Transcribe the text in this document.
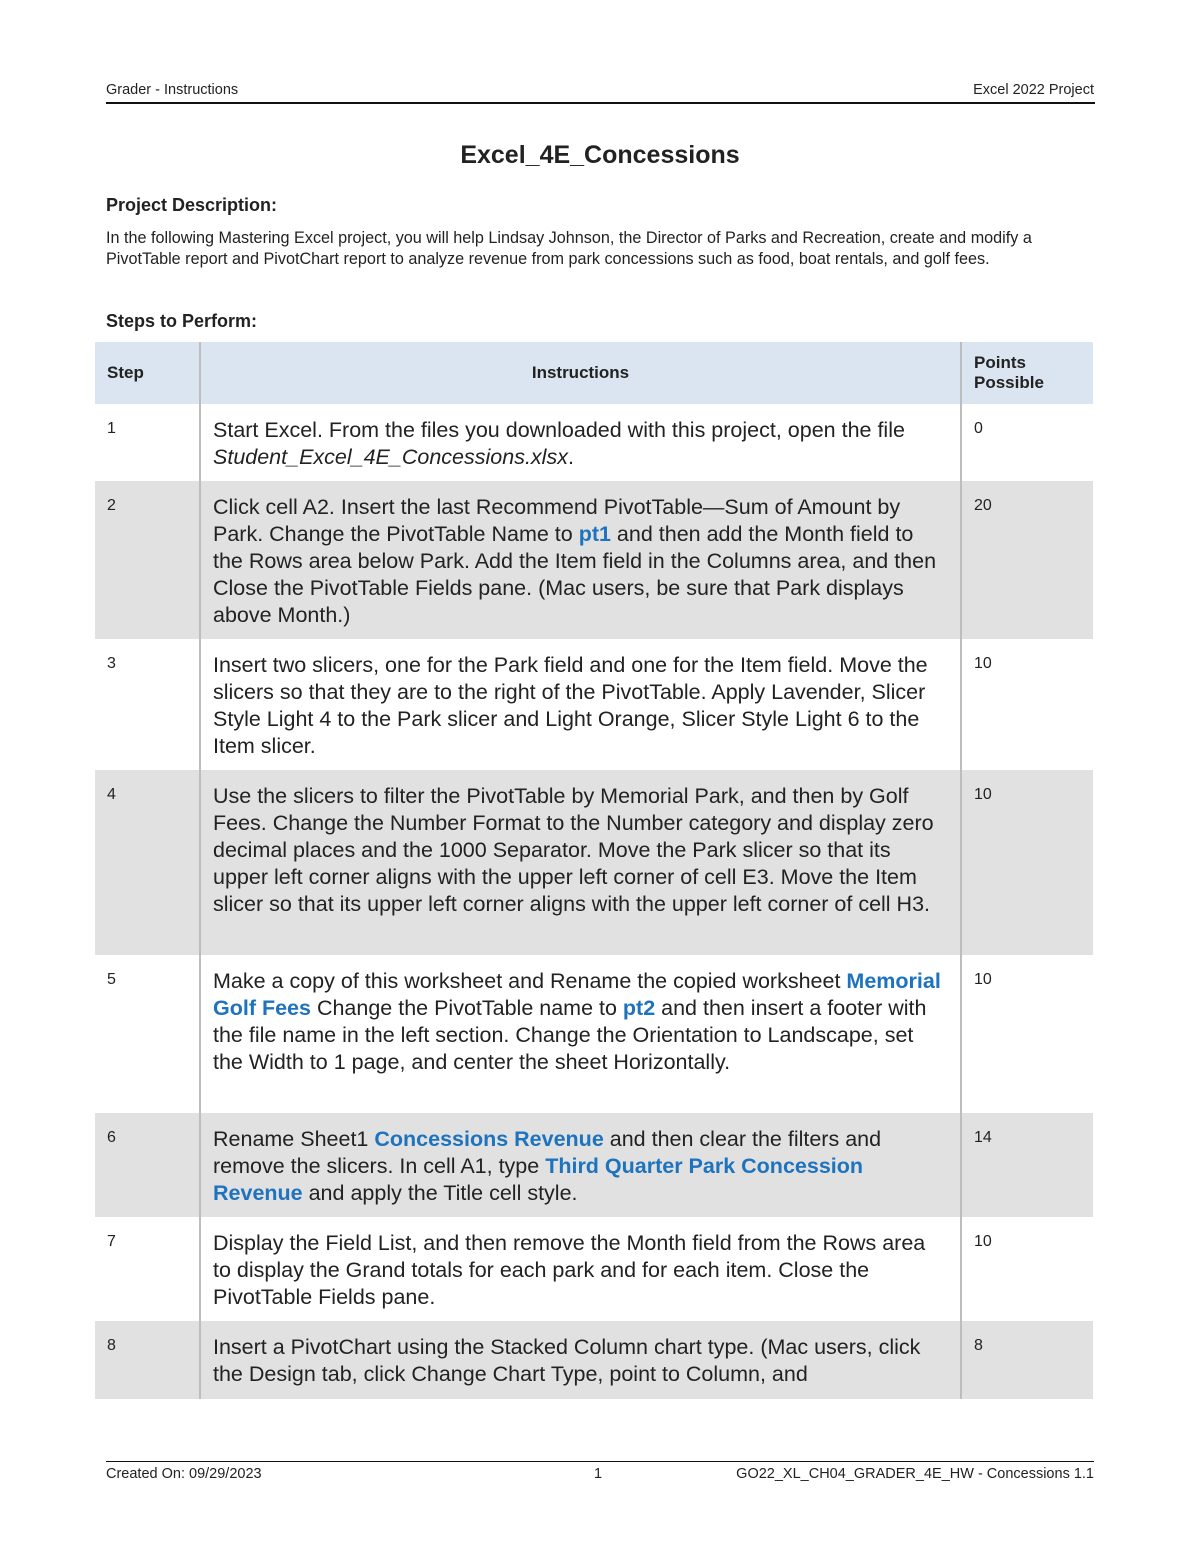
Grader - Instructions	Excel 2022 Project
Excel_4E_Concessions
Project Description:
In the following Mastering Excel project, you will help Lindsay Johnson, the Director of Parks and Recreation, create and modify a PivotTable report and PivotChart report to analyze revenue from park concessions such as food, boat rentals, and golf fees.
Steps to Perform:
Step	Instructions	Points
Possible
1	Start Excel. From the files you downloaded with this project, open the file Student_Excel_4E_Concessions.xlsx.	0
2	Click cell A2. Insert the last Recommend PivotTable—Sum of Amount by Park. Change the PivotTable Name to pt1 and then add the Month field to the Rows area below Park. Add the Item field in the Columns area, and then Close the PivotTable Fields pane. (Mac users, be sure that Park displays above Month.)	20
3	Insert two slicers, one for the Park field and one for the Item field. Move the slicers so that they are to the right of the PivotTable. Apply Lavender, Slicer Style Light 4 to the Park slicer and Light Orange, Slicer Style Light 6 to the Item slicer.	10
4	Use the slicers to filter the PivotTable by Memorial Park, and then by Golf Fees. Change the Number Format to the Number category and display zero decimal places and the 1000 Separator. Move the Park slicer so that its upper left corner aligns with the upper left corner of cell E3. Move the Item slicer so that its upper left corner aligns with the upper left corner of cell H3.	10
5	Make a copy of this worksheet and Rename the copied worksheet Memorial Golf Fees Change the PivotTable name to pt2 and then insert a footer with the file name in the left section. Change the Orientation to Landscape, set the Width to 1 page, and center the sheet Horizontally.	10
6	Rename Sheet1 Concessions Revenue and then clear the filters and remove the slicers. In cell A1, type Third Quarter Park Concession Revenue and apply the Title cell style.	14
7	Display the Field List, and then remove the Month field from the Rows area to display the Grand totals for each park and for each item. Close the PivotTable Fields pane.	10
8	Insert a PivotChart using the Stacked Column chart type. (Mac users, click the Design tab, click Change Chart Type, point to Column, and	8
Created On: 09/29/2023	1	GO22_XL_CH04_GRADER_4E_HW - Concessions 1.1
